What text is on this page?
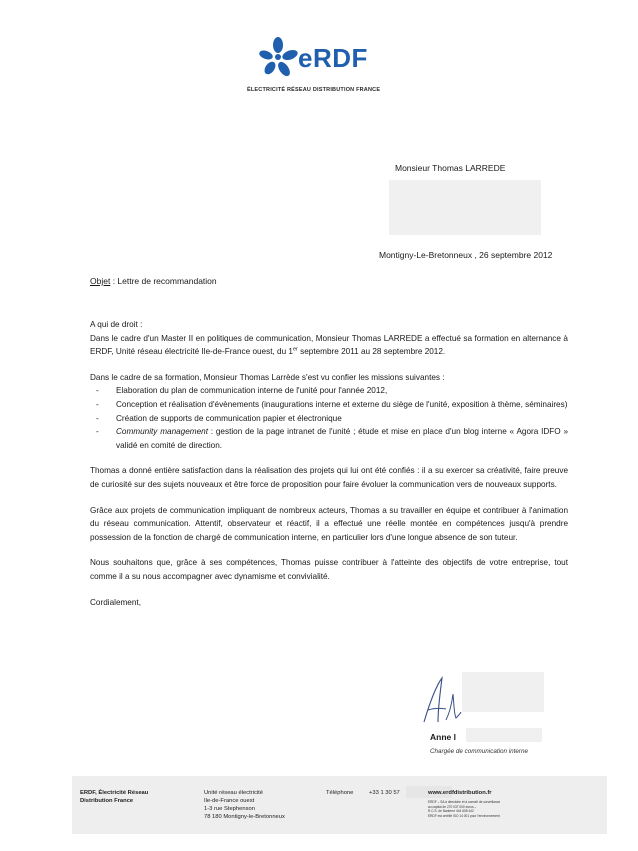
eRDF
ÉLECTRICITÉ RÉSEAU DISTRIBUTION FRANCE
Monsieur Thomas LARREDE
Montigny-Le-Bretonneux , 26 septembre 2012
Objet : Lettre de recommandation

A qui de droit :

Dans le cadre d'un Master II en politiques de communication, Monsieur Thomas LARREDE a effectué sa formation en alternance à ERDF, Unité réseau électricité Ile-de-France ouest, du 1er septembre 2011 au 28 septembre 2012.

Dans le cadre de sa formation, Monsieur Thomas Larrède s'est vu confier les missions suivantes :

- Elaboration du plan de communication interne de l'unité pour l'année 2012,
- Conception et réalisation d'évènements (inaugurations interne et externe du siège de l'unité, exposition à thème, séminaires)
- Création de supports de communication papier et électronique
- Community management : gestion de la page intranet de l'unité ; étude et mise en place d'un blog interne « Agora IDFO » validé en comité de direction.

Thomas a donné entière satisfaction dans la réalisation des projets qui lui ont été confiés : il a su exercer sa créativité, faire preuve de curiosité sur des sujets nouveaux et être force de proposition pour faire évoluer la communication vers de nouveaux supports.

Grâce aux projets de communication impliquant de nombreux acteurs, Thomas a su travailler en équipe et contribuer à l'animation du réseau communication. Attentif, observateur et réactif, il a effectué une réelle montée en compétences jusqu'à prendre possession de la fonction de chargé de communication interne, en particulier lors d'une longue absence de son tuteur.

Nous souhaitons que, grâce à ses compétences, Thomas puisse contribuer à l'atteinte des objectifs de votre entreprise, tout comme il a su nous accompagner avec dynamisme et convivialité.

Cordialement,

Anne l
Chargée de communication interne
ERDF, Électricité Réseau
Distribution France
Unité réseau électricité
Ile-de-France ouest
1-3 rue Stephenson
78 180 Montigny-le-Bretonneux
Téléphone	+33 1 30 57	www.erdfdistribution.fr
ERDF – SA à directoire et à conseil de surveillance
au capital de 270 037 000 euros –
R.C.S. de Nanterre 444 608 442
ERDF est certifié ISO 14 001 pour l'environnement
